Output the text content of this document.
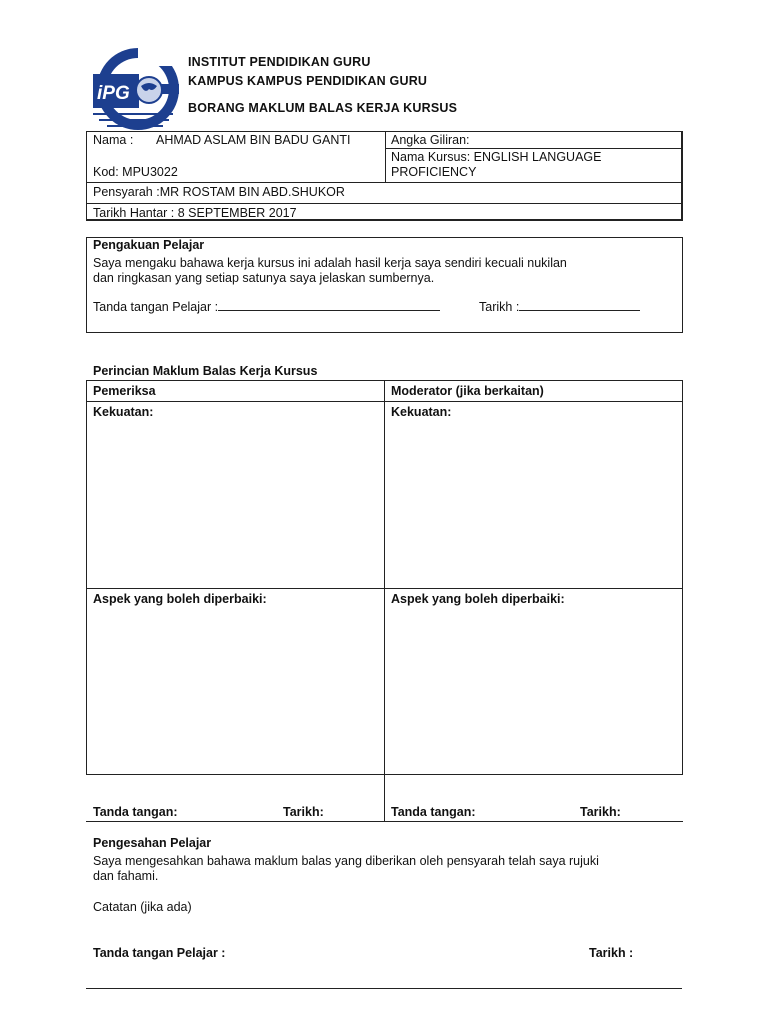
iPG
INSTITUT PENDIDIKAN GURU
KAMPUS KAMPUS PENDIDIKAN GURU
BORANG MAKLUM BALAS KERJA KURSUS
Nama : AHMAD ASLAM BIN BADU GANTI	Angka Giliran:
Nama Kursus: ENGLISH LANGUAGE
PROFICIENCY
Kod: MPU3022
Pensyarah :MR ROSTAM BIN ABD.SHUKOR
Tarikh Hantar : 8 SEPTEMBER 2017
Pengakuan Pelajar
Saya mengaku bahawa kerja kursus ini adalah hasil kerja saya sendiri kecuali nukilan
dan ringkasan yang setiap satunya saya jelaskan sumbernya.
Tanda tangan Pelajar :	Tarikh :
Perincian Maklum Balas Kerja Kursus
Pemeriksa	Moderator (jika berkaitan)
Kekuatan:	Kekuatan:
Aspek yang boleh diperbaiki:	Aspek yang boleh diperbaiki:
Tanda tangan:	Tarikh:	Tanda tangan:	Tarikh:
Pengesahan Pelajar
Saya mengesahkan bahawa maklum balas yang diberikan oleh pensyarah telah saya rujuki
dan fahami.
Catatan (jika ada)
Tanda tangan Pelajar :	Tarikh :
